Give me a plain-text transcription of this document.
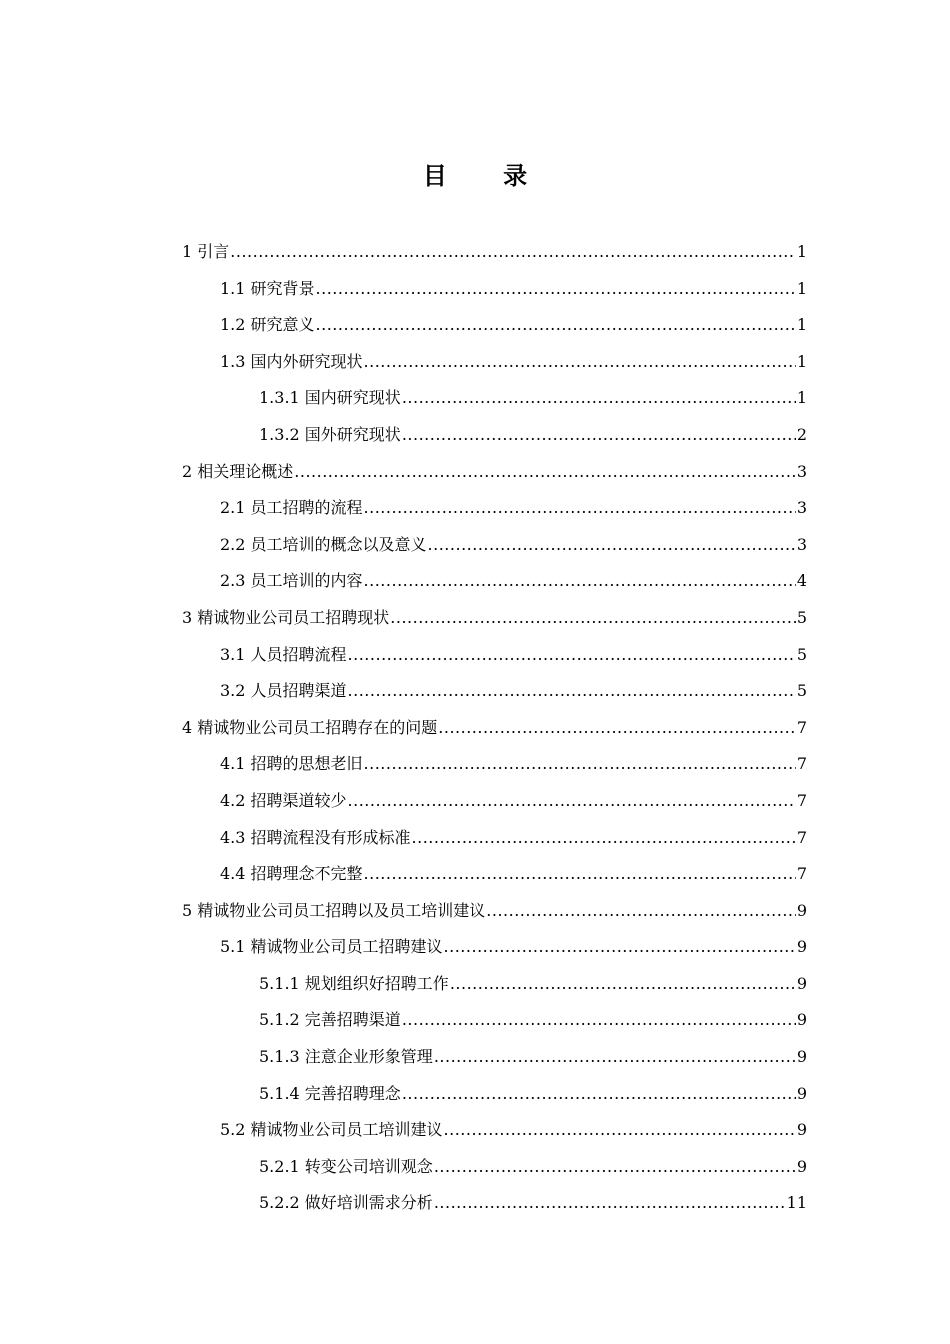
目 录
1 引言 .....	1
1.1 研究背景 .....	1
1.2 研究意义 .....	1
1.3 国内外研究现状 .....	1
1.3.1 国内研究现状 .....	1
1.3.2 国外研究现状 .....	2
2 相关理论概述 .....	3
2.1 员工招聘的流程 .....	3
2.2 员工培训的概念以及意义 .....	3
2.3 员工培训的内容 .....	4
3 精诚物业公司员工招聘现状 .....	5
3.1 人员招聘流程 .....	5
3.2 人员招聘渠道 .....	5
4 精诚物业公司员工招聘存在的问题 .....	7
4.1 招聘的思想老旧 .....	7
4.2 招聘渠道较少 .....	7
4.3 招聘流程没有形成标准 .....	7
4.4 招聘理念不完整 .....	7
5 精诚物业公司员工招聘以及员工培训建议 .....	9
5.1 精诚物业公司员工招聘建议 .....	9
5.1.1 规划组织好招聘工作 .....	9
5.1.2 完善招聘渠道 .....	9
5.1.3 注意企业形象管理 .....	9
5.1.4 完善招聘理念 .....	9
5.2 精诚物业公司员工培训建议 .....	9
5.2.1 转变公司培训观念 .....	9
5.2.2 做好培训需求分析 .....	11
